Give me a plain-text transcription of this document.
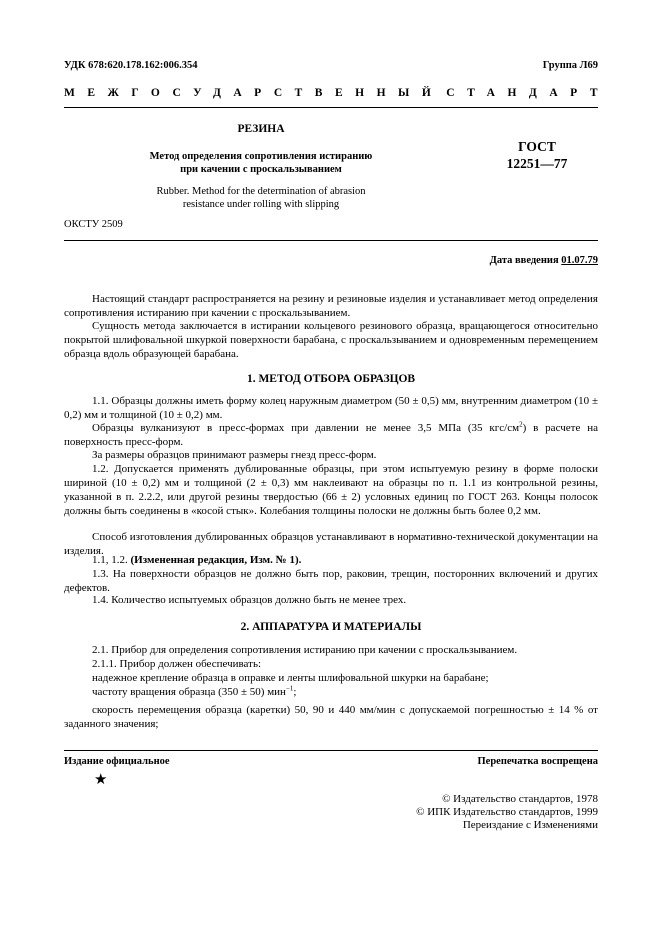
УДК 678:620.178.162:006.354	Группа Л69
МЕЖГОСУДАРСТВЕННЫЙ СТАНДАРТ
РЕЗИНА
Метод определения сопротивления истиранию
при качении с проскальзыванием
Rubber. Method for the determination of abrasion
resistance under rolling with slipping
ГОСТ
12251—77
ОКСТУ 2509
Дата введения 01.07.79
Настоящий стандарт распространяется на резину и резиновые изделия и устанавливает метод определения сопротивления истиранию при качении с проскальзыванием.
Сущность метода заключается в истирании кольцевого резинового образца, вращающегося относительно покрытой шлифовальной шкуркой поверхности барабана, с проскальзыванием и одновременным перемещением образца вдоль образующей барабана.
1. МЕТОД ОТБОРА ОБРАЗЦОВ
1.1. Образцы должны иметь форму колец наружным диаметром (50 ± 0,5) мм, внутренним диаметром (10 ± 0,2) мм и толщиной (10 ± 0,2) мм.
Образцы вулканизуют в пресс-формах при давлении не менее 3,5 МПа (35 кгс/$см^2$) в расчете на поверхность пресс-форм.
За размеры образцов принимают размеры гнезд пресс-форм.
1.2. Допускается применять дублированные образцы, при этом испытуемую резину в форме полоски шириной (10 ± 0,2) мм и толщиной (2 ± 0,3) мм наклеивают на образцы по п. 1.1 из контрольной резины, указанной в п. 2.2.2, или другой резины твердостью (66 ± 2) условных единиц по ГОСТ 263. Концы полосок должны быть соединены в «косой стык». Колебания толщины полоски не должны быть более 0,2 мм.
Способ изготовления дублированных образцов устанавливают в нормативно-технической документации на изделия.
1.1, 1.2. (Измененная редакция, Изм. № 1).
1.3. На поверхности образцов не должно быть пор, раковин, трещин, посторонних включений и других дефектов.
1.4. Количество испытуемых образцов должно быть не менее трех.
2. АППАРАТУРА И МАТЕРИАЛЫ
2.1. Прибор для определения сопротивления истиранию при качении с проскальзыванием.
2.1.1. Прибор должен обеспечивать:
надежное крепление образца в оправке и ленты шлифовальной шкурки на барабане;
частоту вращения образца (350 ± 50) мин$^{-1}$;
скорость перемещения образца (каретки) 50, 90 и 440 мм/мин с допускаемой погрешностью ± 14 % от заданного значения;
Издание официальное	Перепечатка воспрещена
★
© Издательство стандартов, 1978
© ИПК Издательство стандартов, 1999
Переиздание с Изменениями
